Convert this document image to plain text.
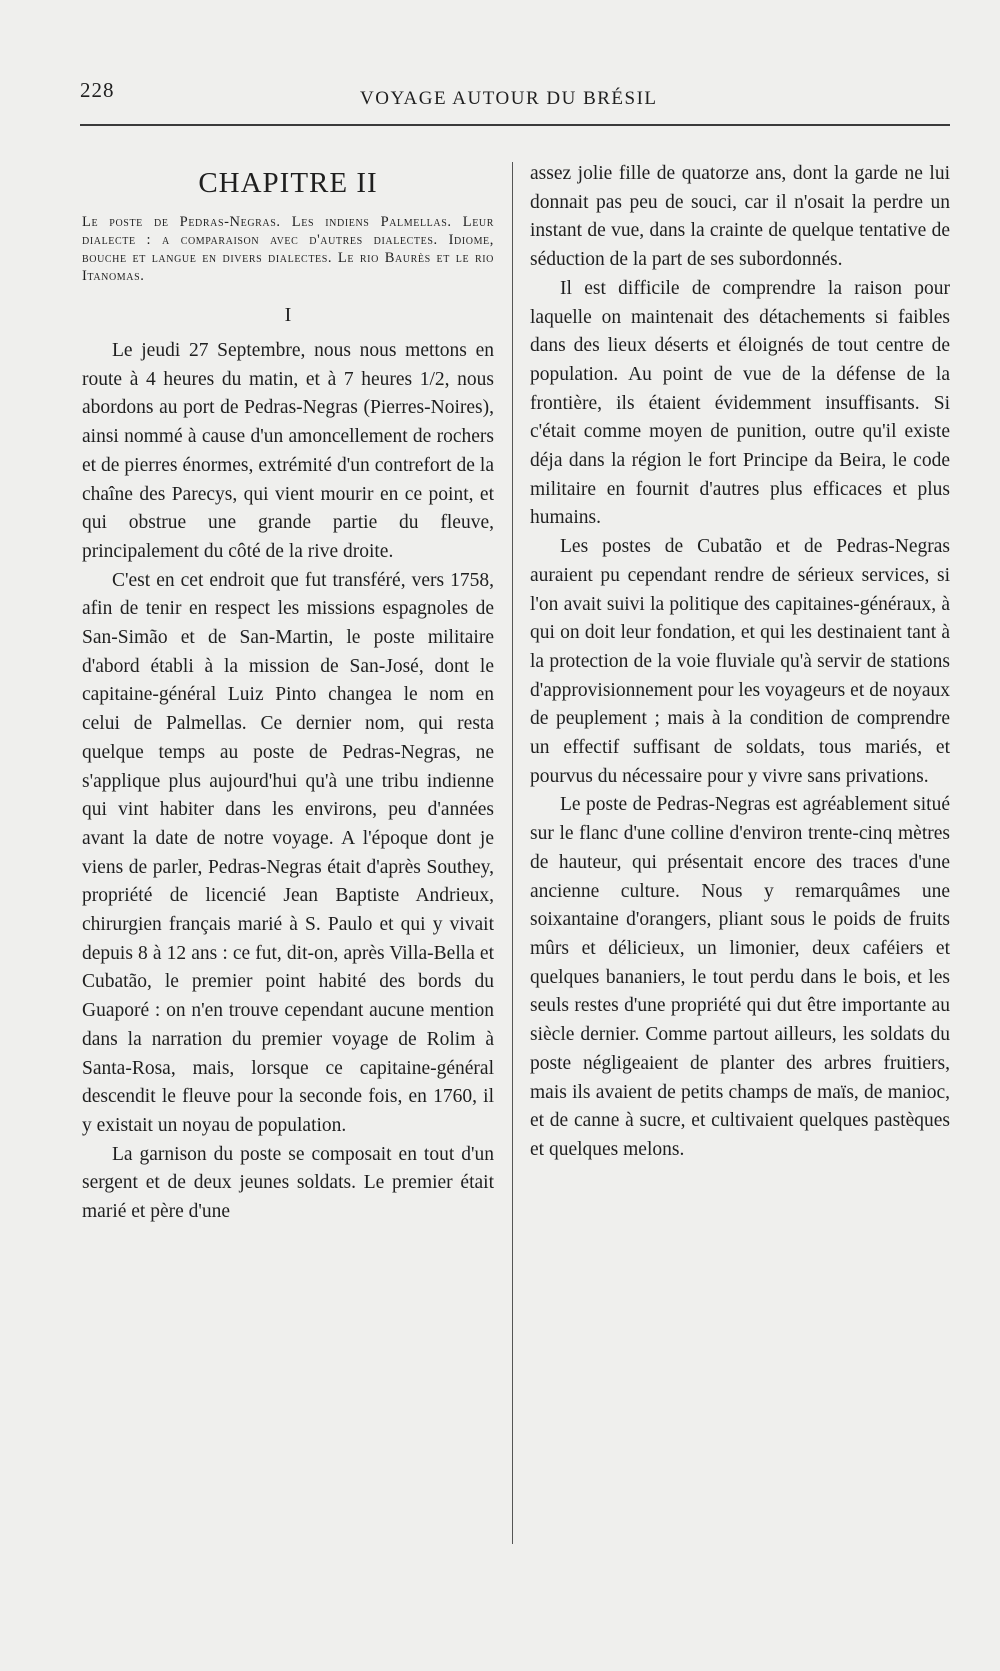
228	VOYAGE AUTOUR DU BRÉSIL
CHAPITRE II
Le poste de Pedras-Negras. Les indiens Palmellas. Leur dialecte : a comparaison avec d'autres dialectes. Idiome, bouche et langue en divers dialectes. Le rio Baurès et le rio Itanomas.
I

Le jeudi 27 Septembre, nous nous mettons en route à 4 heures du matin, et à 7 heures 1/2, nous abordons au port de Pedras-Negras (Pierres-Noires), ainsi nommé à cause d'un amoncellement de rochers et de pierres énormes, extrémité d'un contrefort de la chaîne des Parecys, qui vient mourir en ce point, et qui obstrue une grande partie du fleuve, principalement du côté de la rive droite.

C'est en cet endroit que fut transféré, vers 1758, afin de tenir en respect les missions espagnoles de San-Simão et de San-Martin, le poste militaire d'abord établi à la mission de San-José, dont le capitaine-général Luiz Pinto changea le nom en celui de Palmellas. Ce dernier nom, qui resta quelque temps au poste de Pedras-Negras, ne s'applique plus aujourd'hui qu'à une tribu indienne qui vint habiter dans les environs, peu d'années avant la date de notre voyage. A l'époque dont je viens de parler, Pedras-Negras était d'après Southey, propriété de licencié Jean Baptiste Andrieux, chirurgien français marié à S. Paulo et qui y vivait depuis 8 à 12 ans : ce fut, dit-on, après Villa-Bella et Cubatão, le premier point habité des bords du Guaporé : on n'en trouve cependant aucune mention dans la narration du premier voyage de Rolim à Santa-Rosa, mais, lorsque ce capitaine-général descendit le fleuve pour la seconde fois, en 1760, il y existait un noyau de population.

La garnison du poste se composait en tout d'un sergent et de deux jeunes soldats. Le premier était marié et père d'une

assez jolie fille de quatorze ans, dont la garde ne lui donnait pas peu de souci, car il n'osait la perdre un instant de vue, dans la crainte de quelque tentative de séduction de la part de ses subordonnés.

Il est difficile de comprendre la raison pour laquelle on maintenait des détachements si faibles dans des lieux déserts et éloignés de tout centre de population. Au point de vue de la défense de la frontière, ils étaient évidemment insuffisants. Si c'était comme moyen de punition, outre qu'il existe déja dans la région le fort Principe da Beira, le code militaire en fournit d'autres plus efficaces et plus humains.

Les postes de Cubatão et de Pedras-Negras auraient pu cependant rendre de sérieux services, si l'on avait suivi la politique des capitaines-généraux, à qui on doit leur fondation, et qui les destinaient tant à la protection de la voie fluviale qu'à servir de stations d'approvisionnement pour les voyageurs et de noyaux de peuplement ; mais à la condition de comprendre un effectif suffisant de soldats, tous mariés, et pourvus du nécessaire pour y vivre sans privations.

Le poste de Pedras-Negras est agréablement situé sur le flanc d'une colline d'environ trente-cinq mètres de hauteur, qui présentait encore des traces d'une ancienne culture. Nous y remarquâmes une soixantaine d'orangers, pliant sous le poids de fruits mûrs et délicieux, un limonier, deux caféiers et quelques bananiers, le tout perdu dans le bois, et les seuls restes d'une propriété qui dut être importante au siècle dernier. Comme partout ailleurs, les soldats du poste négligeaient de planter des arbres fruitiers, mais ils avaient de petits champs de maïs, de manioc, et de canne à sucre, et cultivaient quelques pastèques et quelques melons.
